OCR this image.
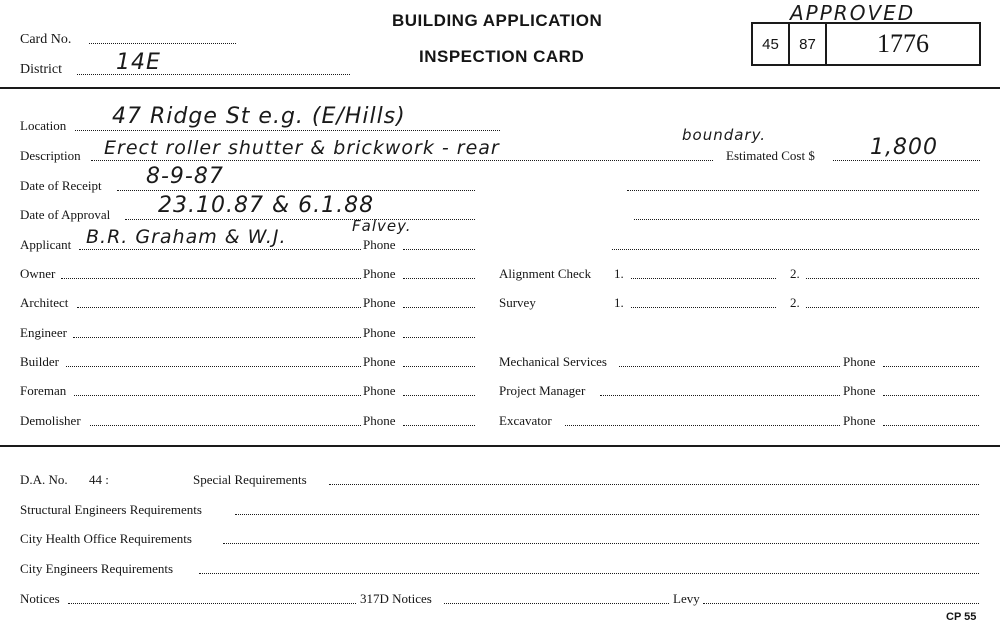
Card No.
District 14E
BUILDING APPLICATION
INSPECTION CARD
APPROVED
45 87 1776
Location 47 Ridge St e.g. (E/Hills)
boundary.
Description Erect roller shutter & brickwork - rear	Estimated Cost $	1,800
Date of Receipt 8-9-87
Date of Approval 23.10.87 & 6.1.88
Falvey.
Applicant B.R. Graham & W.J.	Phone
Owner	Phone	Alignment Check 1.	2.
Architect	Phone	Survey	1.	2.
Engineer	Phone
Builder	Phone	Mechanical Services	Phone
Foreman	Phone	Project Manager	Phone
Demolisher	Phone	Excavator	Phone
D.A. No. 44 :	Special Requirements
Structural Engineers Requirements
City Health Office Requirements
City Engineers Requirements
Notices	317D Notices	Levy
CP 55
